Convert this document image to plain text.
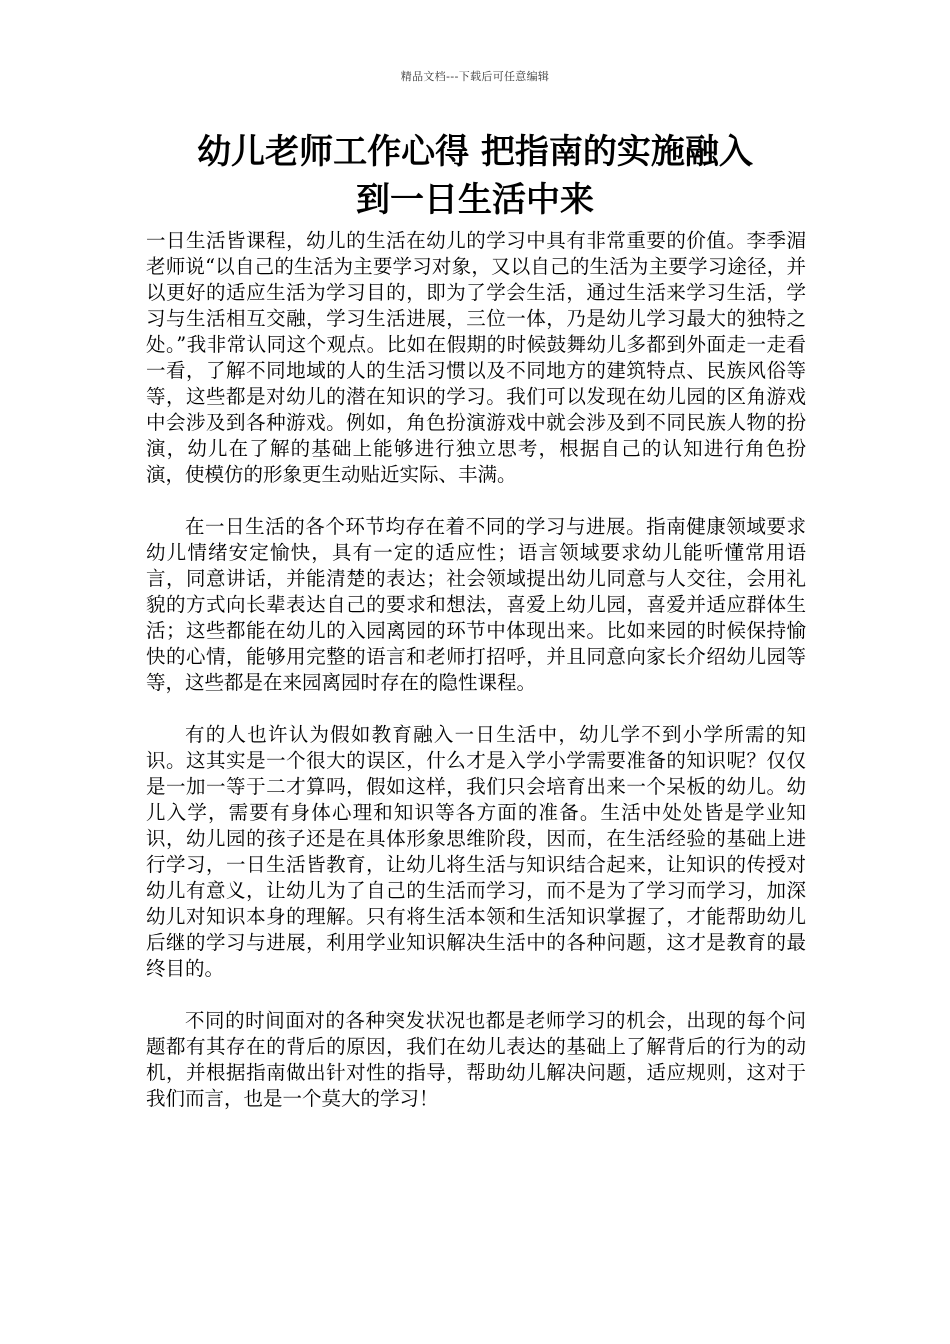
精品文档---下载后可任意编辑
幼儿老师工作心得 把指南的实施融入
到一日生活中来

一日生活皆课程，幼儿的生活在幼儿的学习中具有非常重要的价值。李季湄老师说“以自己的生活为主要学习对象，又以自己的生活为主要学习途径，并以更好的适应生活为学习目的，即为了学会生活，通过生活来学习生活，学习与生活相互交融，学习生活进展，三位一体，乃是幼儿学习最大的独特之处。”我非常认同这个观点。比如在假期的时候鼓舞幼儿多都到外面走一走看一看，了解不同地域的人的生活习惯以及不同地方的建筑特点、民族风俗等等，这些都是对幼儿的潜在知识的学习。我们可以发现在幼儿园的区角游戏中会涉及到各种游戏。例如，角色扮演游戏中就会涉及到不同民族人物的扮演，幼儿在了解的基础上能够进行独立思考，根据自己的认知进行角色扮演，使模仿的形象更生动贴近实际、丰满。

在一日生活的各个环节均存在着不同的学习与进展。指南健康领域要求幼儿情绪安定愉快，具有一定的适应性；语言领域要求幼儿能听懂常用语言，同意讲话，并能清楚的表达；社会领域提出幼儿同意与人交往，会用礼貌的方式向长辈表达自己的要求和想法，喜爱上幼儿园，喜爱并适应群体生活；这些都能在幼儿的入园离园的环节中体现出来。比如来园的时候保持愉快的心情，能够用完整的语言和老师打招呼，并且同意向家长介绍幼儿园等等，这些都是在来园离园时存在的隐性课程。

有的人也许认为假如教育融入一日生活中，幼儿学不到小学所需的知识。这其实是一个很大的误区，什么才是入学小学需要准备的知识呢？仅仅是一加一等于二才算吗，假如这样，我们只会培育出来一个呆板的幼儿。幼儿入学，需要有身体心理和知识等各方面的准备。生活中处处皆是学业知识，幼儿园的孩子还是在具体形象思维阶段，因而，在生活经验的基础上进行学习，一日生活皆教育，让幼儿将生活与知识结合起来，让知识的传授对幼儿有意义，让幼儿为了自己的生活而学习，而不是为了学习而学习，加深幼儿对知识本身的理解。只有将生活本领和生活知识掌握了，才能帮助幼儿后继的学习与进展，利用学业知识解决生活中的各种问题，这才是教育的最终目的。

不同的时间面对的各种突发状况也都是老师学习的机会，出现的每个问题都有其存在的背后的原因，我们在幼儿表达的基础上了解背后的行为的动机，并根据指南做出针对性的指导，帮助幼儿解决问题，适应规则，这对于我们而言，也是一个莫大的学习！
